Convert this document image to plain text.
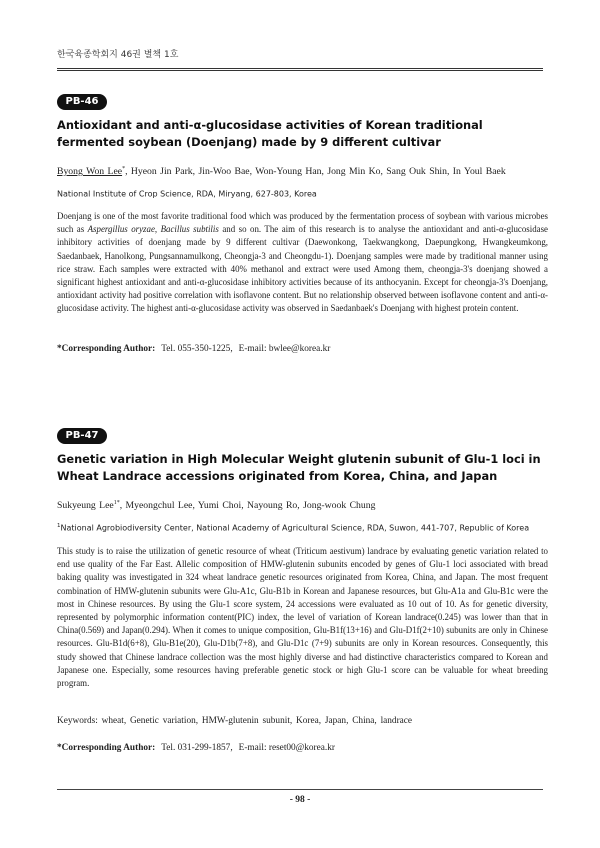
한국육종학회지 46권 별책 1호
PB-46
Antioxidant and anti-α-glucosidase activities of Korean traditional fermented soybean (Doenjang) made by 9 different cultivar
Byong Won Lee*, Hyeon Jin Park, Jin-Woo Bae, Won-Young Han, Jong Min Ko, Sang Ouk Shin, In Youl Baek
National Institute of Crop Science, RDA, Miryang, 627-803, Korea

Doenjang is one of the most favorite traditional food which was produced by the fermentation process of soybean with various microbes such as Aspergillus oryzae, Bacillus subtilis and so on. The aim of this research is to analyse the antioxidant and anti-α-glucosidase inhibitory activities of doenjang made by 9 different cultivar (Daewonkong, Taekwangkong, Daepungkong, Hwangkeumkong, Saedanbaek, Hanolkong, Pungsannamulkong, Cheongja-3 and Cheongdu-1). Doenjang samples were made by traditional manner using rice straw. Each samples were extracted with 40% methanol and extract were used Among them, cheongja-3's doenjang showed a significant highest antioxidant and anti-α-glucosidase inhibitory activities because of its anthocyanin. Except for cheongja-3's Doenjang, antioxidant activity had positive correlation with isoflavone content. But no relationship observed between isoflavone content and anti-α-glucosidase activity. The highest anti-α-glucosidase activity was observed in Saedanbaek's Doenjang with highest protein content.

*Corresponding Author: Tel. 055-350-1225, E-mail: bwlee@korea.kr
PB-47
Genetic variation in High Molecular Weight glutenin subunit of Glu-1 loci in Wheat Landrace accessions originated from Korea, China, and Japan
Sukyeung Lee$^{1*}$, Myeongchul Lee, Yumi Choi, Nayoung Ro, Jong-wook Chung
$^1$National Agrobiodiversity Center, National Academy of Agricultural Science, RDA, Suwon, 441-707, Republic of Korea

This study is to raise the utilization of genetic resource of wheat (Triticum aestivum) landrace by evaluating genetic variation related to end use quality of the Far East. Allelic composition of HMW-glutenin subunits encoded by genes of Glu-1 loci associated with bread baking quality was investigated in 324 wheat landrace genetic resources originated from Korea, China, and Japan. The most frequent combination of HMW-glutenin subunits were Glu-A1c, Glu-B1b in Korean and Japanese resources, but Glu-A1a and Glu-B1c were the most in Chinese resources. By using the Glu-1 score system, 24 accessions were evaluated as 10 out of 10. As for genetic diversity, represented by polymorphic information content(PIC) index, the level of variation of Korean landrace(0.245) was lower than that in China(0.569) and Japan(0.294). When it comes to unique composition, Glu-B1f(13+16) and Glu-D1f(2+10) subunits are only in Chinese resources. Glu-B1d(6+8), Glu-B1e(20), Glu-D1b(7+8), and Glu-D1c (7+9) subunits are only in Korean resources. Consequently, this study showed that Chinese landrace collection was the most highly diverse and had distinctive characteristics compared to Korean and Japanese one. Especially, some resources having preferable genetic stock or high Glu-1 score can be valuable for wheat breeding program.

Keywords: wheat, Genetic variation, HMW-glutenin subunit, Korea, Japan, China, landrace
*Corresponding Author: Tel. 031-299-1857, E-mail: reset00@korea.kr
- 98 -
